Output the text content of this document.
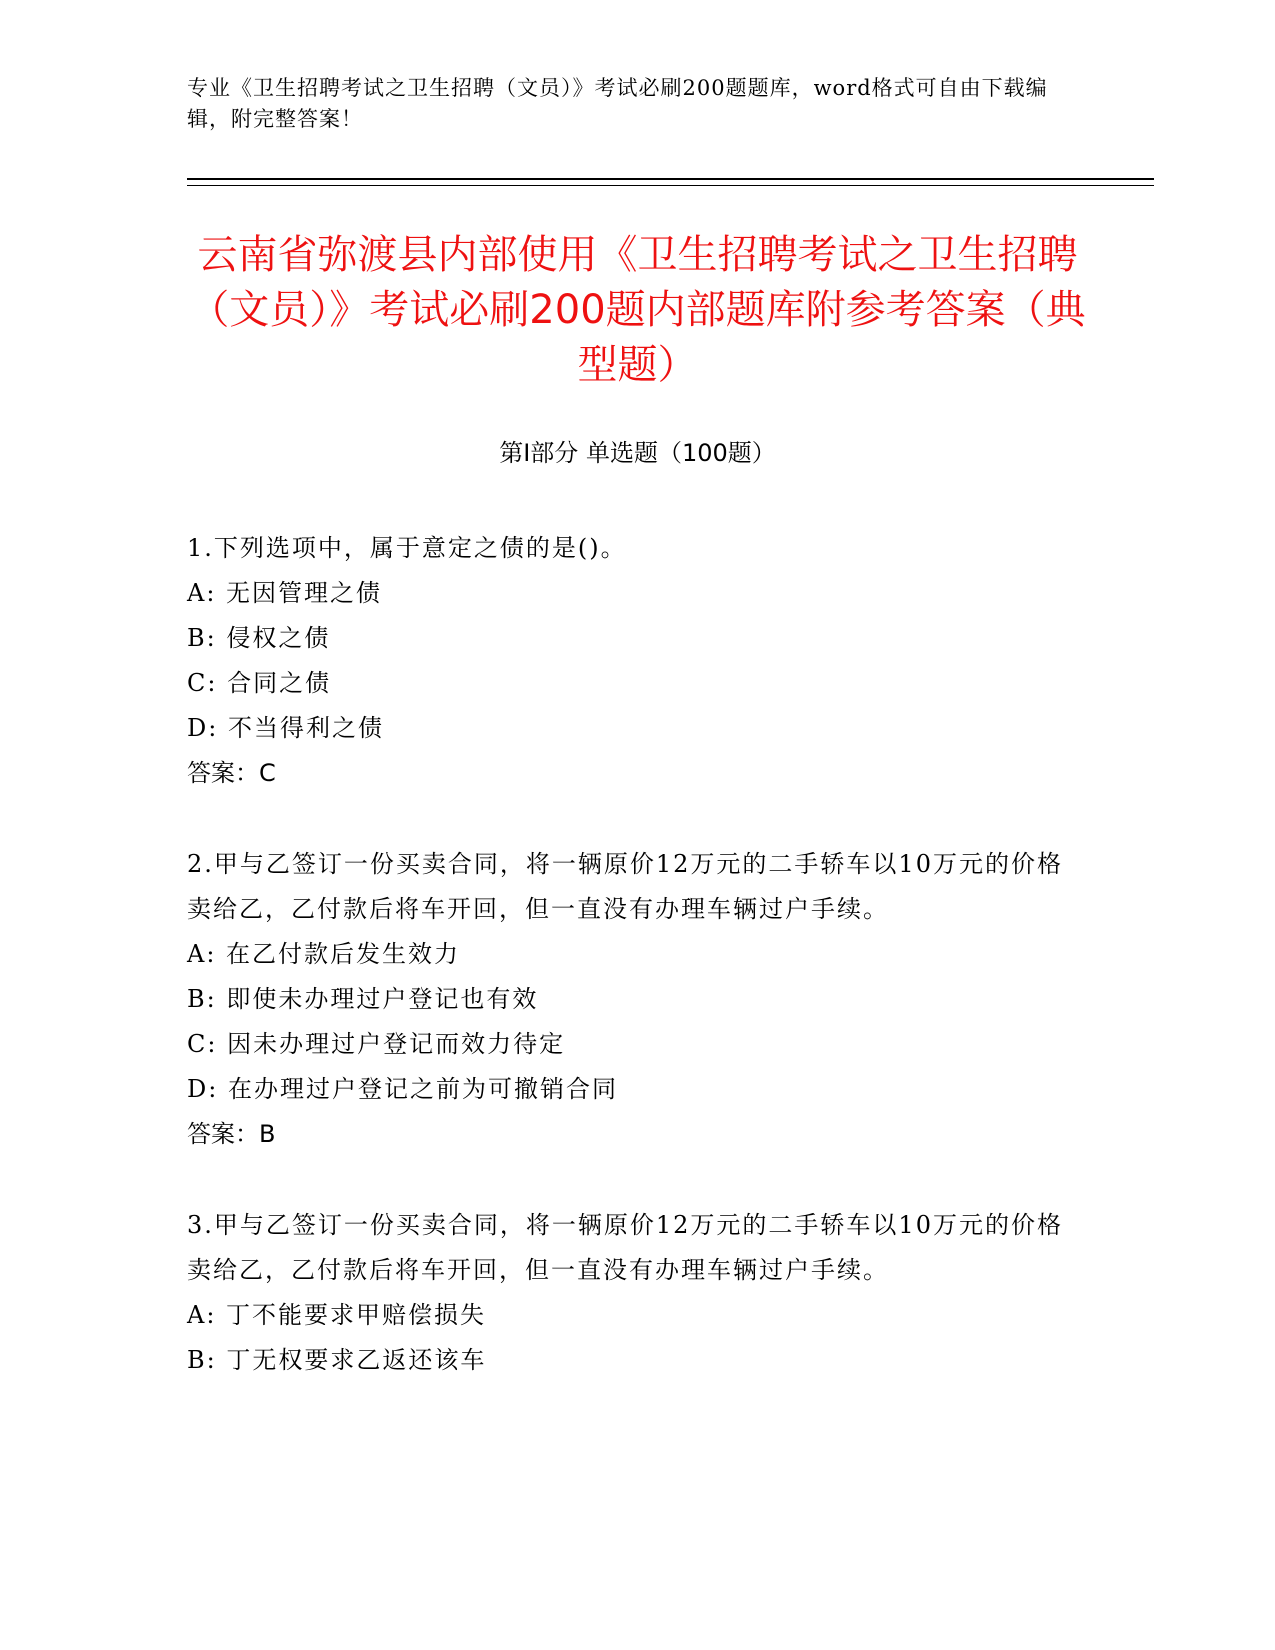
专业《卫生招聘考试之卫生招聘（文员）》考试必刷200题题库，word格式可自由下载编辑，附完整答案！
云南省弥渡县内部使用《卫生招聘考试之卫生招聘（文员）》考试必刷200题内部题库附参考答案（典型题）
第Ⅰ部分 单选题（100题）
1.下列选项中，属于意定之债的是()。
A: 无因管理之债
B: 侵权之债
C: 合同之债
D: 不当得利之债
答案：C
2.甲与乙签订一份买卖合同，将一辆原价12万元的二手轿车以10万元的价格卖给乙，乙付款后将车开回，但一直没有办理车辆过户手续。
A: 在乙付款后发生效力
B: 即使未办理过户登记也有效
C: 因未办理过户登记而效力待定
D: 在办理过户登记之前为可撤销合同
答案：B
3.甲与乙签订一份买卖合同，将一辆原价12万元的二手轿车以10万元的价格卖给乙，乙付款后将车开回，但一直没有办理车辆过户手续。
A: 丁不能要求甲赔偿损失
B: 丁无权要求乙返还该车
